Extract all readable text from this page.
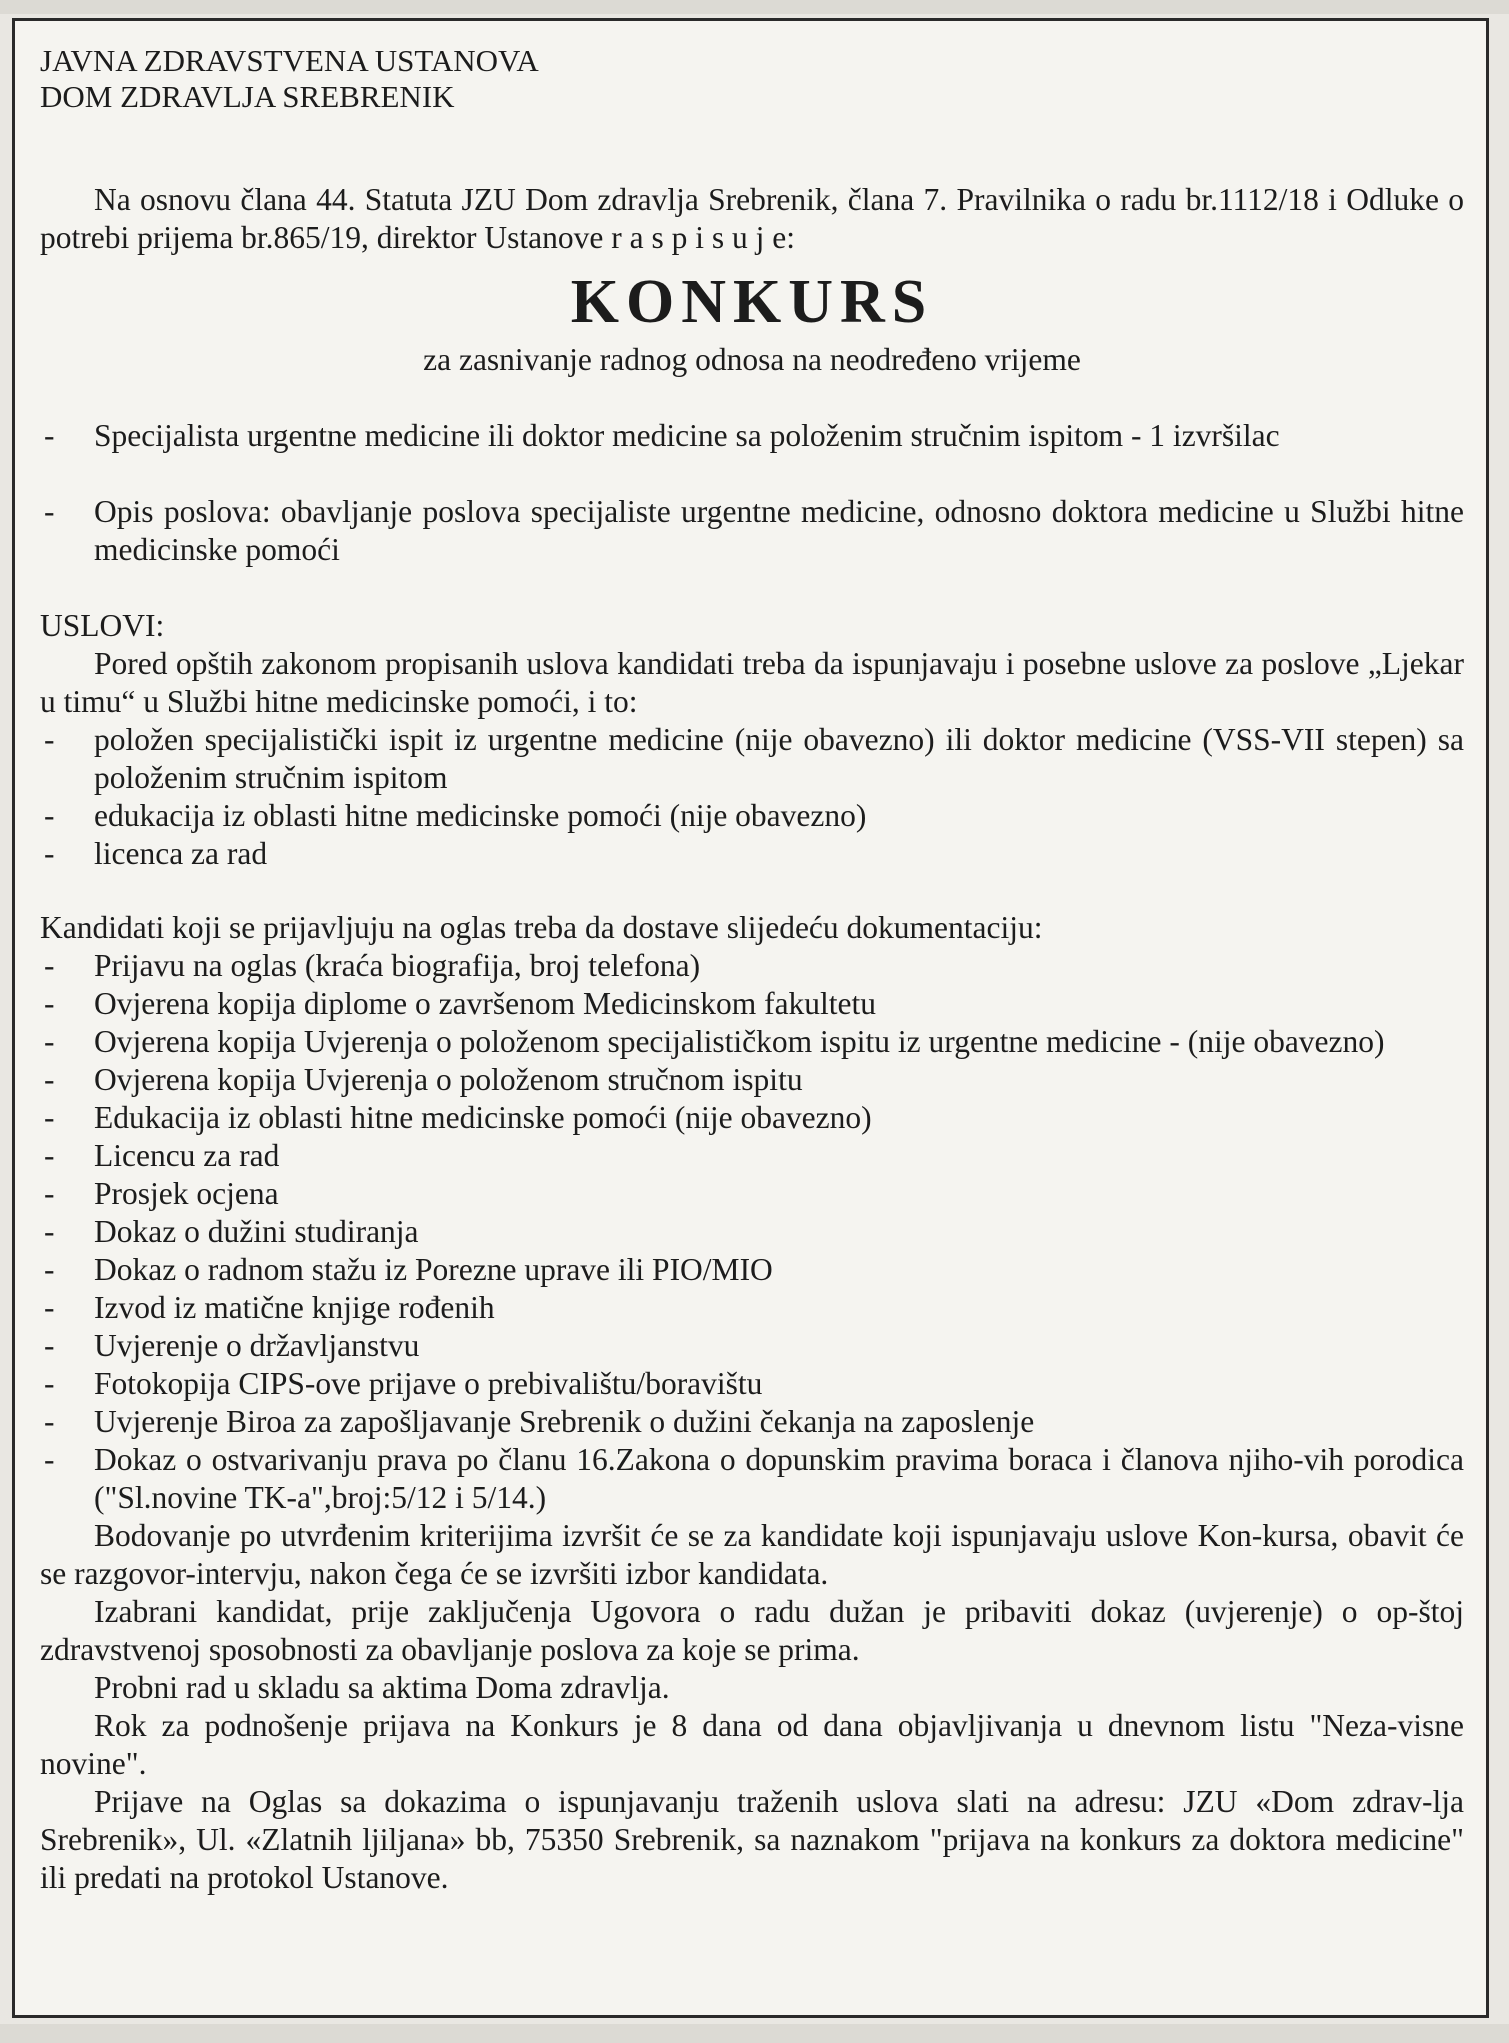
JAVNA ZDRAVSTVENA USTANOVA
DOM ZDRAVLJA SREBRENIK

Na osnovu člana 44. Statuta JZU Dom zdravlja Srebrenik, člana 7. Pravilnika o radu br.1112/18 i Odluke o potrebi prijema br.865/19, direktor Ustanove r a s p i s u j e:

KONKURS
za zasnivanje radnog odnosa na neodređeno vrijeme
- Specijalista urgentne medicine ili doktor medicine sa položenim stručnim ispitom - 1 izvršilac
- Opis poslova: obavljanje poslova specijaliste urgentne medicine, odnosno doktora medicine u Službi hitne medicinske pomoći
USLOVI:

Pored opštih zakonom propisanih uslova kandidati treba da ispunjavaju i posebne uslove za poslove „Ljekar u timu“ u Službi hitne medicinske pomoći, i to:

- položen specijalistički ispit iz urgentne medicine (nije obavezno) ili doktor medicine (VSS-VII stepen) sa položenim stručnim ispitom
- edukacija iz oblasti hitne medicinske pomoći (nije obavezno)
- licenca za rad

Kandidati koji se prijavljuju na oglas treba da dostave slijedeću dokumentaciju:

- Prijavu na oglas (kraća biografija, broj telefona)
- Ovjerena kopija diplome o završenom Medicinskom fakultetu
- Ovjerena kopija Uvjerenja o položenom specijalističkom ispitu iz urgentne medicine - (nije obavezno)
- Ovjerena kopija Uvjerenja o položenom stručnom ispitu
- Edukacija iz oblasti hitne medicinske pomoći (nije obavezno)
- Licencu za rad
- Prosjek ocjena
- Dokaz o dužini studiranja
- Dokaz o radnom stažu iz Porezne uprave ili PIO/MIO
- Izvod iz matične knjige rođenih
- Uvjerenje o državljanstvu
- Fotokopija CIPS-ove prijave o prebivalištu/boravištu
- Uvjerenje Biroa za zapošljavanje Srebrenik o dužini čekanja na zaposlenje
- Dokaz o ostvarivanju prava po članu 16.Zakona o dopunskim pravima boraca i članova njiho-vih porodica ("Sl.novine TK-a",broj:5/12 i 5/14.)

Bodovanje po utvrđenim kriterijima izvršit će se za kandidate koji ispunjavaju uslove Kon-kursa, obavit će se razgovor-intervju, nakon čega će se izvršiti izbor kandidata.

Izabrani kandidat, prije zaključenja Ugovora o radu dužan je pribaviti dokaz (uvjerenje) o op-štoj zdravstvenoj sposobnosti za obavljanje poslova za koje se prima.

Probni rad u skladu sa aktima Doma zdravlja.

Rok za podnošenje prijava na Konkurs je 8 dana od dana objavljivanja u dnevnom listu "Neza-visne novine".

Prijave na Oglas sa dokazima o ispunjavanju traženih uslova slati na adresu: JZU «Dom zdrav-lja Srebrenik», Ul. «Zlatnih ljiljana» bb, 75350 Srebrenik, sa naznakom "prijava na konkurs za doktora medicine" ili predati na protokol Ustanove.
